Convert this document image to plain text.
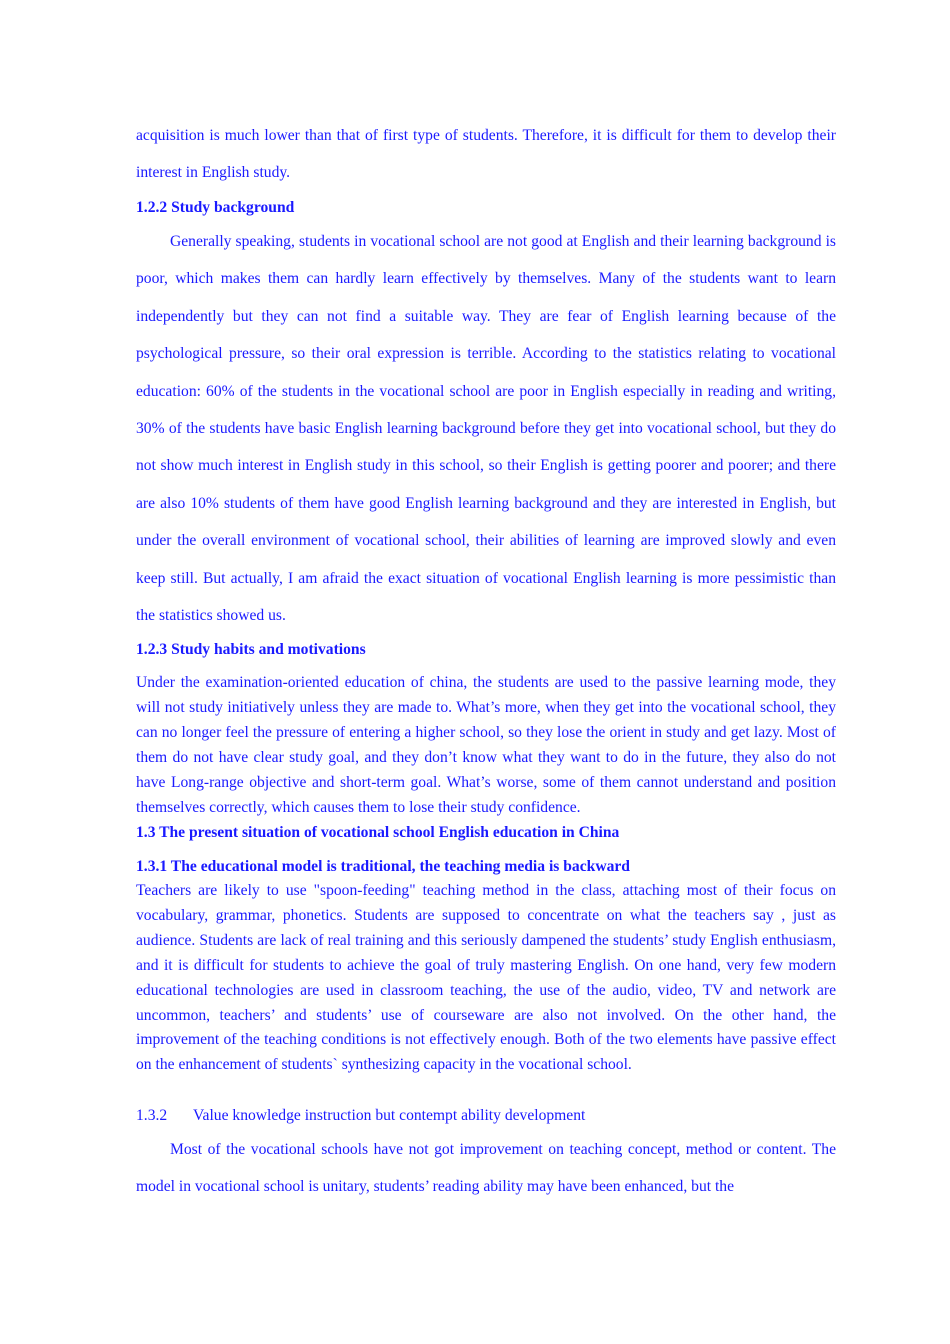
acquisition is much lower than that of first type of students. Therefore, it is difficult for them to develop their interest in English study.

1.2.2 Study background

Generally speaking, students in vocational school are not good at English and their learning background is poor, which makes them can hardly learn effectively by themselves. Many of the students want to learn independently but they can not find a suitable way. They are fear of English learning because of the psychological pressure, so their oral expression is terrible. According to the statistics relating to vocational education: 60% of the students in the vocational school are poor in English especially in reading and writing, 30% of the students have basic English learning background before they get into vocational school, but they do not show much interest in English study in this school, so their English is getting poorer and poorer; and there are also 10% students of them have good English learning background and they are interested in English, but under the overall environment of vocational school, their abilities of learning are improved slowly and even keep still. But actually, I am afraid the exact situation of vocational English learning is more pessimistic than the statistics showed us.

1.2.3 Study habits and motivations

Under the examination-oriented education of china, the students are used to the passive learning mode, they will not study initiatively unless they are made to. What’s more, when they get into the vocational school, they can no longer feel the pressure of entering a higher school, so they lose the orient in study and get lazy. Most of them do not have clear study goal, and they don’t know what they want to do in the future, they also do not have Long-range objective and short-term goal. What’s worse, some of them cannot understand and position themselves correctly, which causes them to lose their study confidence.

1.3 The present situation of vocational school English education in China
1.3.1 The educational model is traditional, the teaching media is backward

Teachers are likely to use "spoon-feeding" teaching method in the class, attaching most of their focus on vocabulary, grammar, phonetics. Students are supposed to concentrate on what the teachers say , just as audience. Students are lack of real training and this seriously dampened the students’ study English enthusiasm, and it is difficult for students to achieve the goal of truly mastering English. On one hand, very few modern educational technologies are used in classroom teaching, the use of the audio, video, TV and network are uncommon, teachers’ and students’ use of courseware are also not involved. On the other hand, the improvement of the teaching conditions is not effectively enough. Both of the two elements have passive effect on the enhancement of students` synthesizing capacity in the vocational school.

1.3.2 Value knowledge instruction but contempt ability development

Most of the vocational schools have not got improvement on teaching concept, method or content. The model in vocational school is unitary, students’ reading ability may have been enhanced, but the
